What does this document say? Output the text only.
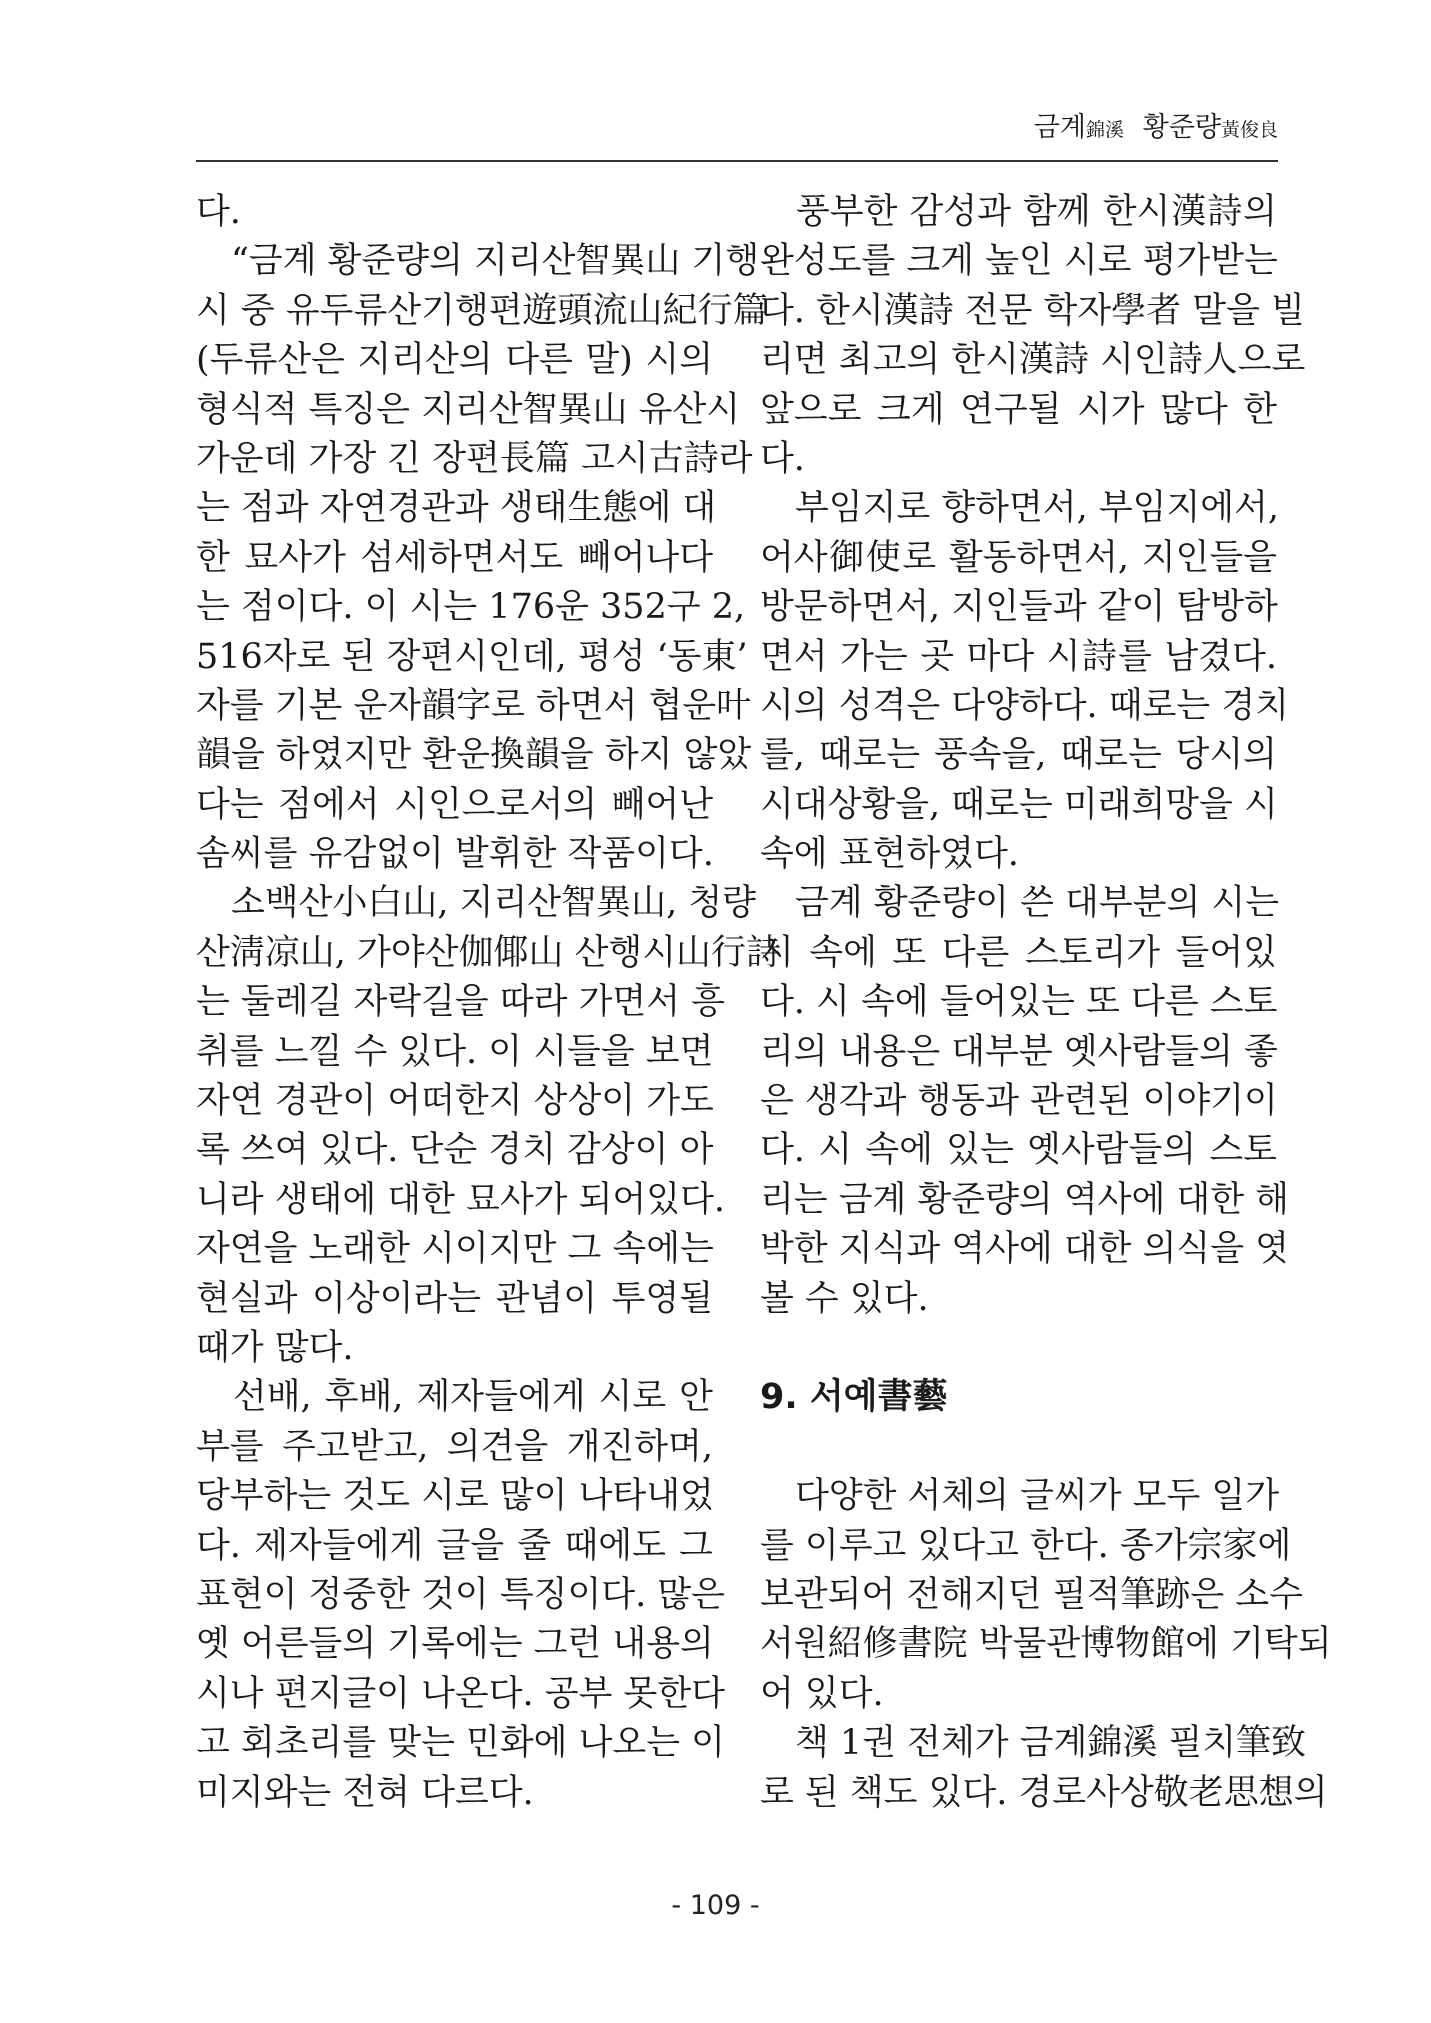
금계錦溪 황준량黃俊良
다.
　“금계 황준량의 지리산智異山 기행
시 중 유두류산기행편遊頭流山紀行篇
(두류산은 지리산의 다른 말) 시의
형식적 특징은 지리산智異山 유산시
가운데 가장 긴 장편長篇 고시古詩라
는 점과 자연경관과 생태生態에 대
한 묘사가 섬세하면서도 빼어나다
는 점이다. 이 시는 176운 352구 2,
516자로 된 장편시인데, 평성 ‘동東’
자를 기본 운자韻字로 하면서 협운叶
韻을 하였지만 환운換韻을 하지 않았
다는 점에서 시인으로서의 빼어난
솜씨를 유감없이 발휘한 작품이다.
　소백산小白山, 지리산智異山, 청량
산淸凉山, 가야산伽倻山 산행시山行詩
는 둘레길 자락길을 따라 가면서 흥
취를 느낄 수 있다. 이 시들을 보면
자연 경관이 어떠한지 상상이 가도
록 쓰여 있다. 단순 경치 감상이 아
니라 생태에 대한 묘사가 되어있다.
자연을 노래한 시이지만 그 속에는
현실과 이상이라는 관념이 투영될
때가 많다.
　선배, 후배, 제자들에게 시로 안
부를 주고받고, 의견을 개진하며,
당부하는 것도 시로 많이 나타내었
다. 제자들에게 글을 줄 때에도 그
표현이 정중한 것이 특징이다. 많은
옛 어른들의 기록에는 그런 내용의
시나 편지글이 나온다. 공부 못한다
고 회초리를 맞는 민화에 나오는 이
미지와는 전혀 다르다.
　풍부한 감성과 함께 한시漢詩의
완성도를 크게 높인 시로 평가받는
다. 한시漢詩 전문 학자學者 말을 빌
리면 최고의 한시漢詩 시인詩人으로
앞으로 크게 연구될 시가 많다 한
다.
　부임지로 향하면서, 부임지에서,
어사御使로 활동하면서, 지인들을
방문하면서, 지인들과 같이 탐방하
면서 가는 곳 마다 시詩를 남겼다.
시의 성격은 다양하다. 때로는 경치
를, 때로는 풍속을, 때로는 당시의
시대상황을, 때로는 미래희망을 시
속에 표현하였다.
　금계 황준량이 쓴 대부분의 시는
시 속에 또 다른 스토리가 들어있
다. 시 속에 들어있는 또 다른 스토
리의 내용은 대부분 옛사람들의 좋
은 생각과 행동과 관련된 이야기이
다. 시 속에 있는 옛사람들의 스토
리는 금계 황준량의 역사에 대한 해
박한 지식과 역사에 대한 의식을 엿
볼 수 있다.
9. 서예書藝
　다양한 서체의 글씨가 모두 일가
를 이루고 있다고 한다. 종가宗家에
보관되어 전해지던 필적筆跡은 소수
서원紹修書院 박물관博物館에 기탁되
어 있다.
　책 1권 전체가 금계錦溪 필치筆致
로 된 책도 있다. 경로사상敬老思想의
- 109 -
